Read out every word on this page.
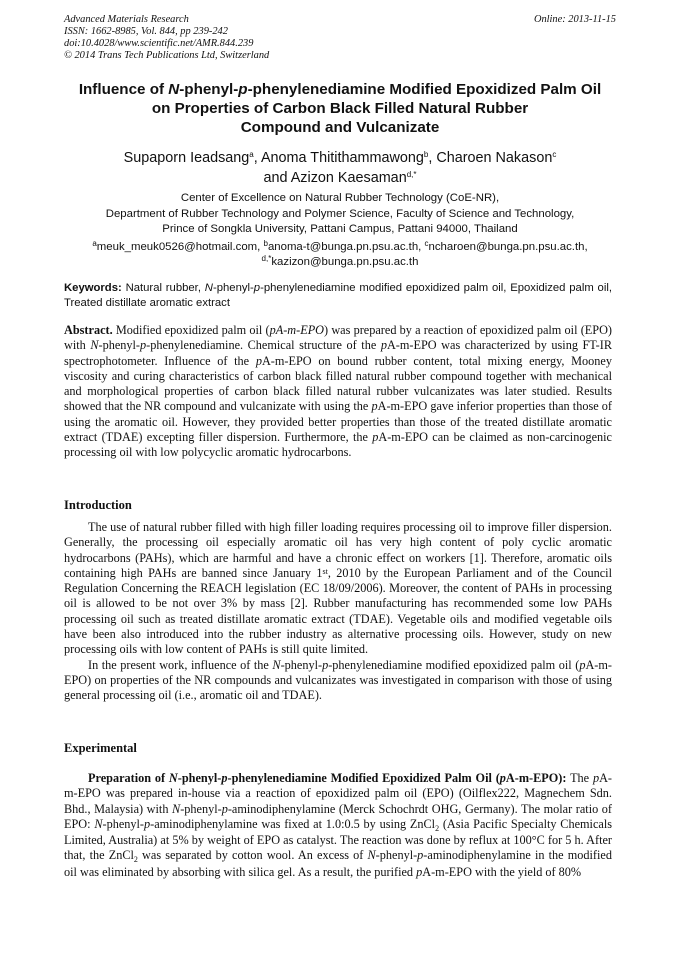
Advanced Materials Research
ISSN: 1662-8985, Vol. 844, pp 239-242
doi:10.4028/www.scientific.net/AMR.844.239
© 2014 Trans Tech Publications Ltd, Switzerland
Online: 2013-11-15
Influence of N-phenyl-p-phenylenediamine Modified Epoxidized Palm Oil
on Properties of Carbon Black Filled Natural Rubber
Compound and Vulcanizate
Supaporn Ieadsang$^a$, Anoma Thitithammawong$^b$, Charoen Nakason$^c$
and Azizon Kaesaman$^{d,*}$
Center of Excellence on Natural Rubber Technology (CoE-NR),
Department of Rubber Technology and Polymer Science, Faculty of Science and Technology,
Prince of Songkla University, Pattani Campus, Pattani 94000, Thailand
$^a$meuk_meuk0526@hotmail.com, $^b$anoma-t@bunga.pn.psu.ac.th, $^c$ncharoen@bunga.pn.psu.ac.th,
$^{d,*}$kazizon@bunga.pn.psu.ac.th
Keywords: Natural rubber, N-phenyl-p-phenylenediamine modified epoxidized palm oil, Epoxidized palm oil, Treated distillate aromatic extract
Abstract. Modified epoxidized palm oil (pA-m-EPO) was prepared by a reaction of epoxidized palm oil (EPO) with N-phenyl-p-phenylenediamine. Chemical structure of the pA-m-EPO was characterized by using FT-IR spectrophotometer. Influence of the pA-m-EPO on bound rubber content, total mixing energy, Mooney viscosity and curing characteristics of carbon black filled natural rubber compound together with mechanical and morphological properties of carbon black filled natural rubber vulcanizates was later studied. Results showed that the NR compound and vulcanizate with using the pA-m-EPO gave inferior properties than those of using the aromatic oil. However, they provided better properties than those of the treated distillate aromatic extract (TDAE) excepting filler dispersion. Furthermore, the pA-m-EPO can be claimed as non-carcinogenic processing oil with low polycyclic aromatic hydrocarbons.
Introduction

The use of natural rubber filled with high filler loading requires processing oil to improve filler dispersion. Generally, the processing oil especially aromatic oil has very high content of poly cyclic aromatic hydrocarbons (PAHs), which are harmful and have a chronic effect on workers [1]. Therefore, aromatic oils containing high PAHs are banned since January 1st, 2010 by the European Parliament and of the Council Regulation Concerning the REACH legislation (EC 18/09/2006). Moreover, the content of PAHs in processing oil is allowed to be not over 3% by mass [2]. Rubber manufacturing has recommended some low PAHs processing oil such as treated distillate aromatic extract (TDAE). Vegetable oils and modified vegetable oils have been also introduced into the rubber industry as alternative processing oils. However, study on new processing oils with low content of PAHs is still quite limited.

In the present work, influence of the N-phenyl-p-phenylenediamine modified epoxidized palm oil (pA-m-EPO) on properties of the NR compounds and vulcanizates was investigated in comparison with those of using general processing oil (i.e., aromatic oil and TDAE).

Experimental

Preparation of N-phenyl-p-phenylenediamine Modified Epoxidized Palm Oil (pA-m-EPO): The pA-m-EPO was prepared in-house via a reaction of epoxidized palm oil (EPO) (Oilflex222, Magnechem Sdn. Bhd., Malaysia) with N-phenyl-p-aminodiphenylamine (Merck Schochrdt OHG, Germany). The molar ratio of EPO: N-phenyl-p-aminodiphenylamine was fixed at 1.0:0.5 by using ZnCl$_2$ (Asia Pacific Specialty Chemicals Limited, Australia) at 5% by weight of EPO as catalyst. The reaction was done by reflux at 100°C for 5 h. After that, the ZnCl$_2$ was separated by cotton wool. An excess of N-phenyl-p-aminodiphenylamine in the modified oil was eliminated by absorbing with silica gel. As a result, the purified pA-m-EPO with the yield of 80%
